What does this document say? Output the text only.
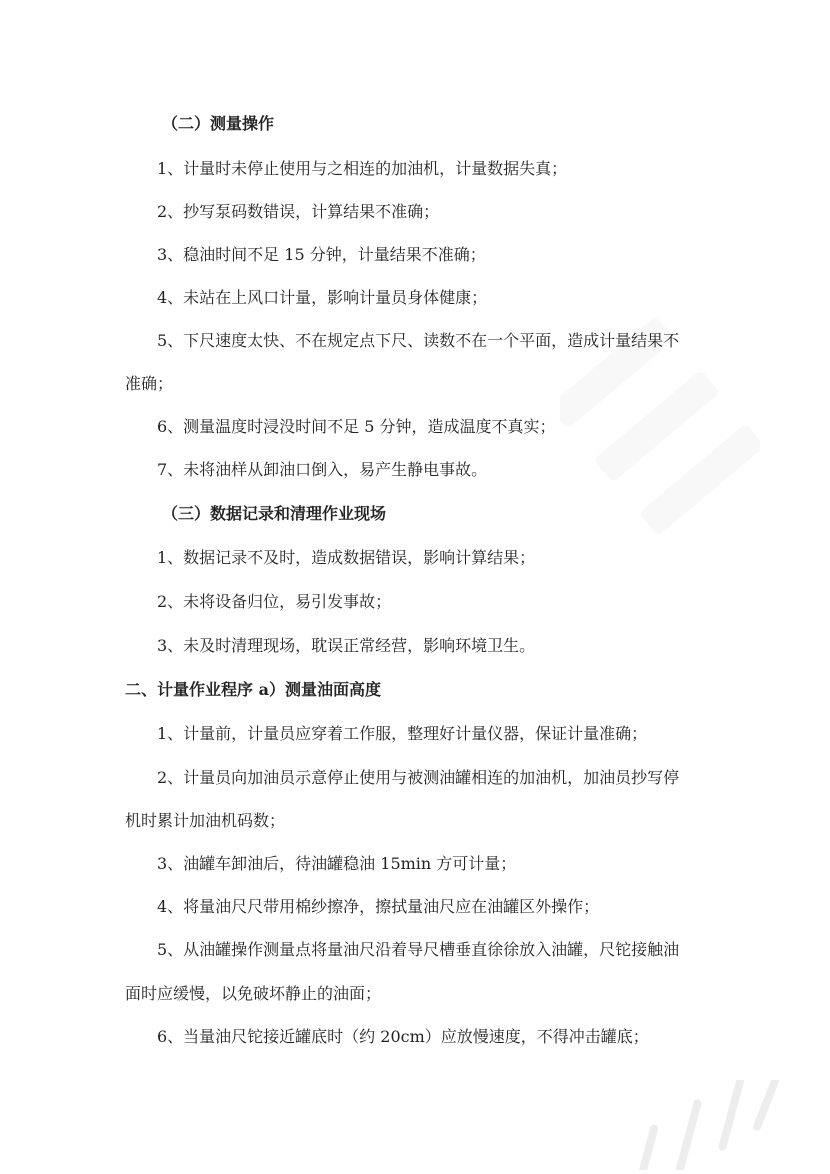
（二）测量操作
1、计量时未停止使用与之相连的加油机，计量数据失真；
2、抄写泵码数错误，计算结果不准确；
3、稳油时间不足 15 分钟，计量结果不准确；
4、未站在上风口计量，影响计量员身体健康；
5、下尺速度太快、不在规定点下尺、读数不在一个平面，造成计量结果不
准确；
6、测量温度时浸没时间不足 5 分钟，造成温度不真实；
7、未将油样从卸油口倒入，易产生静电事故。
（三）数据记录和清理作业现场
1、数据记录不及时，造成数据错误，影响计算结果；
2、未将设备归位，易引发事故；
3、未及时清理现场，耽误正常经营，影响环境卫生。
二、计量作业程序 a）测量油面高度
1、计量前，计量员应穿着工作服，整理好计量仪器，保证计量准确；
2、计量员向加油员示意停止使用与被测油罐相连的加油机，加油员抄写停
机时累计加油机码数；
3、油罐车卸油后，待油罐稳油 15min 方可计量；
4、将量油尺尺带用棉纱擦净，擦拭量油尺应在油罐区外操作；
5、从油罐操作测量点将量油尺沿着导尺槽垂直徐徐放入油罐，尺铊接触油
面时应缓慢，以免破坏静止的油面；
6、当量油尺铊接近罐底时（约 20cm）应放慢速度，不得冲击罐底；
